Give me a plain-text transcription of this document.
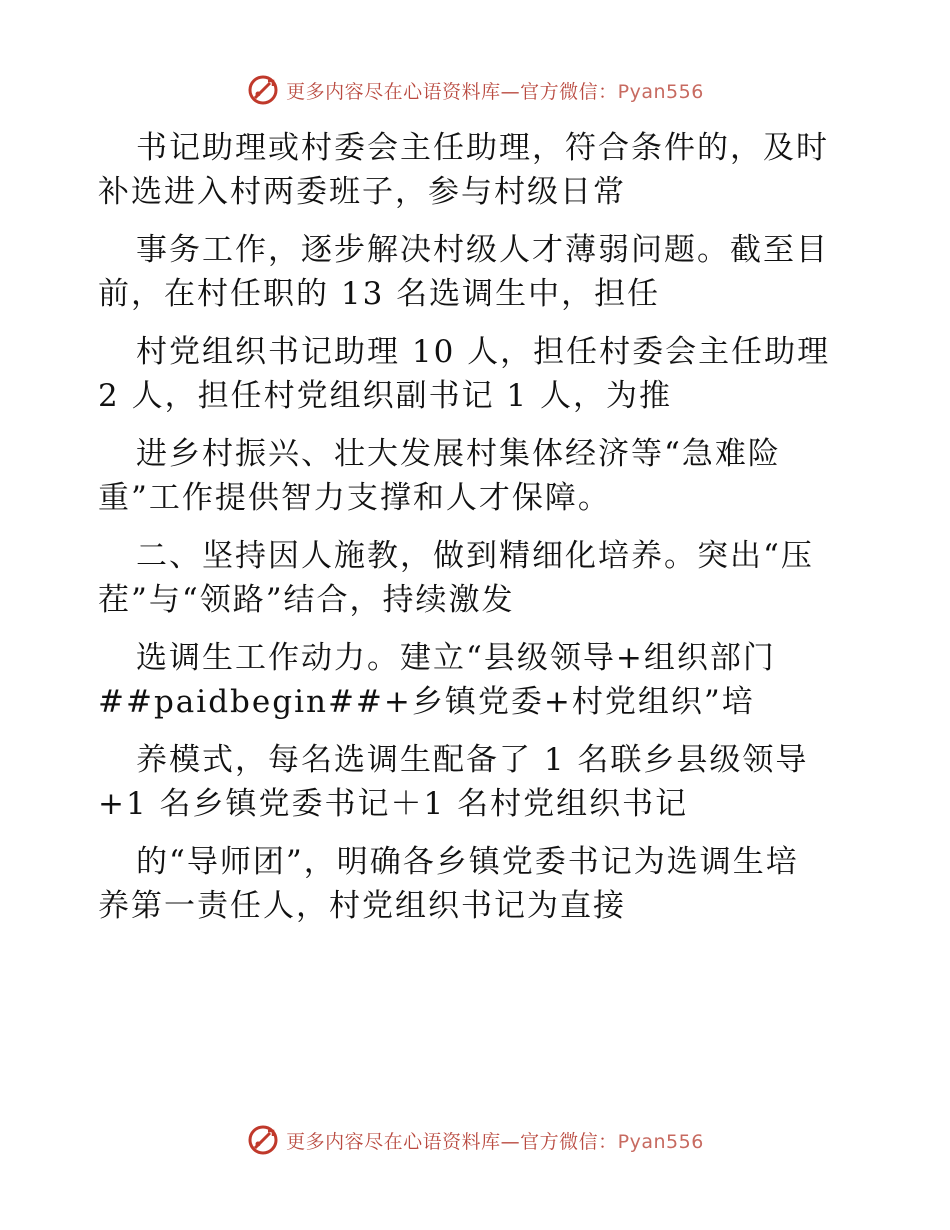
更多内容尽在心语资料库—官方微信：Pyan556
书记助理或村委会主任助理，符合条件的，及时
补选进入村两委班子，参与村级日常
事务工作，逐步解决村级人才薄弱问题。截至目
前，在村任职的 13 名选调生中，担任
村党组织书记助理 10 人，担任村委会主任助理
2 人，担任村党组织副书记 1 人，为推
进乡村振兴、壮大发展村集体经济等“急难险
重”工作提供智力支撑和人才保障。
二、坚持因人施教，做到精细化培养。突出“压
茬”与“领路”结合，持续激发
选调生工作动力。建立“县级领导+组织部门
##paidbegin##+乡镇党委+村党组织”培
养模式，每名选调生配备了 1 名联乡县级领导
+1 名乡镇党委书记＋1 名村党组织书记
的“导师团”，明确各乡镇党委书记为选调生培
养第一责任人，村党组织书记为直接
更多内容尽在心语资料库—官方微信：Pyan556
